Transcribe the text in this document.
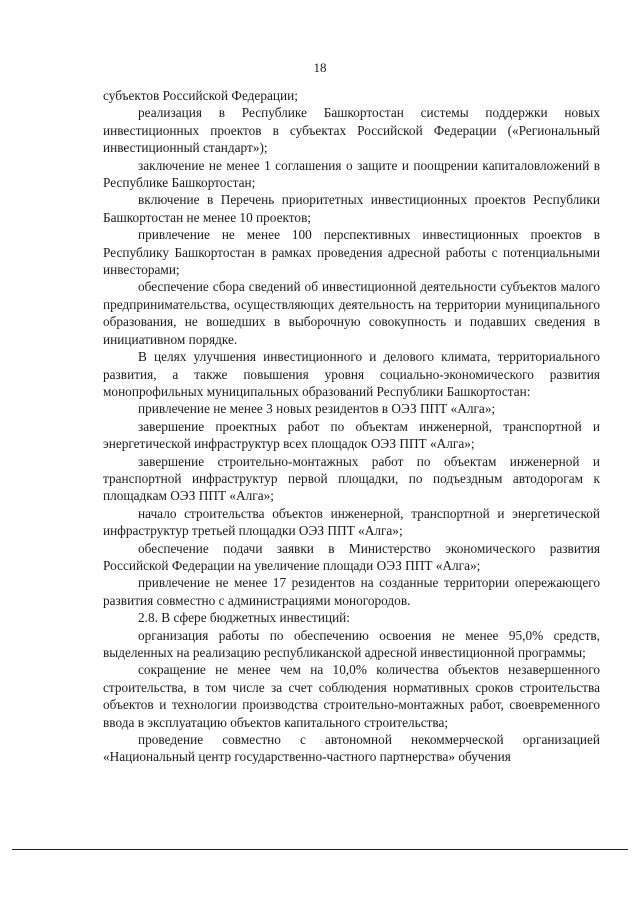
18

субъектов Российской Федерации;

реализация в Республике Башкортостан системы поддержки новых инвестиционных проектов в субъектах Российской Федерации («Региональный инвестиционный стандарт»);

заключение не менее 1 соглашения о защите и поощрении капиталовложений в Республике Башкортостан;

включение в Перечень приоритетных инвестиционных проектов Республики Башкортостан не менее 10 проектов;

привлечение не менее 100 перспективных инвестиционных проектов в Республику Башкортостан в рамках проведения адресной работы с потенциальными инвесторами;

обеспечение сбора сведений об инвестиционной деятельности субъектов малого предпринимательства, осуществляющих деятельность на территории муниципального образования, не вошедших в выборочную совокупность и подавших сведения в инициативном порядке.

В целях улучшения инвестиционного и делового климата, территориального развития, а также повышения уровня социально-экономического развития монопрофильных муниципальных образований Республики Башкортостан:

привлечение не менее 3 новых резидентов в ОЭЗ ППТ «Алга»;

завершение проектных работ по объектам инженерной, транспортной и энергетической инфраструктур всех площадок ОЭЗ ППТ «Алга»;

завершение строительно-монтажных работ по объектам инженерной и транспортной инфраструктур первой площадки, по подъездным автодорогам к площадкам ОЭЗ ППТ «Алга»;

начало строительства объектов инженерной, транспортной и энергетической инфраструктур третьей площадки ОЭЗ ППТ «Алга»;

обеспечение подачи заявки в Министерство экономического развития Российской Федерации на увеличение площади ОЭЗ ППТ «Алга»;

привлечение не менее 17 резидентов на созданные территории опережающего развития совместно с администрациями моногородов.

2.8. В сфере бюджетных инвестиций:

организация работы по обеспечению освоения не менее 95,0% средств, выделенных на реализацию республиканской адресной инвестиционной программы;

сокращение не менее чем на 10,0% количества объектов незавершенного строительства, в том числе за счет соблюдения нормативных сроков строительства объектов и технологии производства строительно-монтажных работ, своевременного ввода в эксплуатацию объектов капитального строительства;

проведение совместно с автономной некоммерческой организацией «Национальный центр государственно-частного партнерства» обучения
